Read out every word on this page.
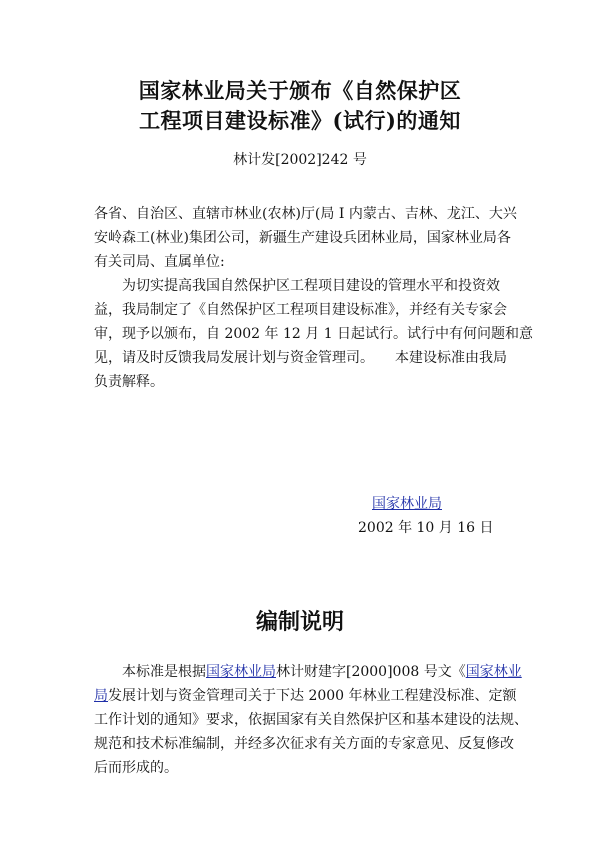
国家林业局关于颁布《自然保护区
工程项目建设标准》(试行)的通知
林计发[2002]242 号
各省、自治区、直辖市林业(农林)厅(局 I 内蒙古、吉林、龙江、大兴
安岭森工(林业)集团公司，新疆生产建设兵团林业局，国家林业局各
有关司局、直属单位:
为切实提高我国自然保护区工程项目建设的管理水平和投资效
益，我局制定了《自然保护区工程项目建设标准》，并经有关专家会
审，现予以颁布，自 2002 年 12 月 1 日起试行。试行中有何问题和意
见，请及时反馈我局发展计划与资金管理司。　　本建设标准由我局
负责解释。
国家林业局
2002 年 10 月 16 日
编制说明
本标准是根据国家林业局林计财建字[2000]008 号文《国家林业
局发展计划与资金管理司关于下达 2000 年林业工程建没标准、定额
工作计划的通知》要求，依据国家有关自然保护区和基本建设的法规、
规范和技术标准编制，并经多次征求有关方面的专家意见、反复修改
后而形成的。
